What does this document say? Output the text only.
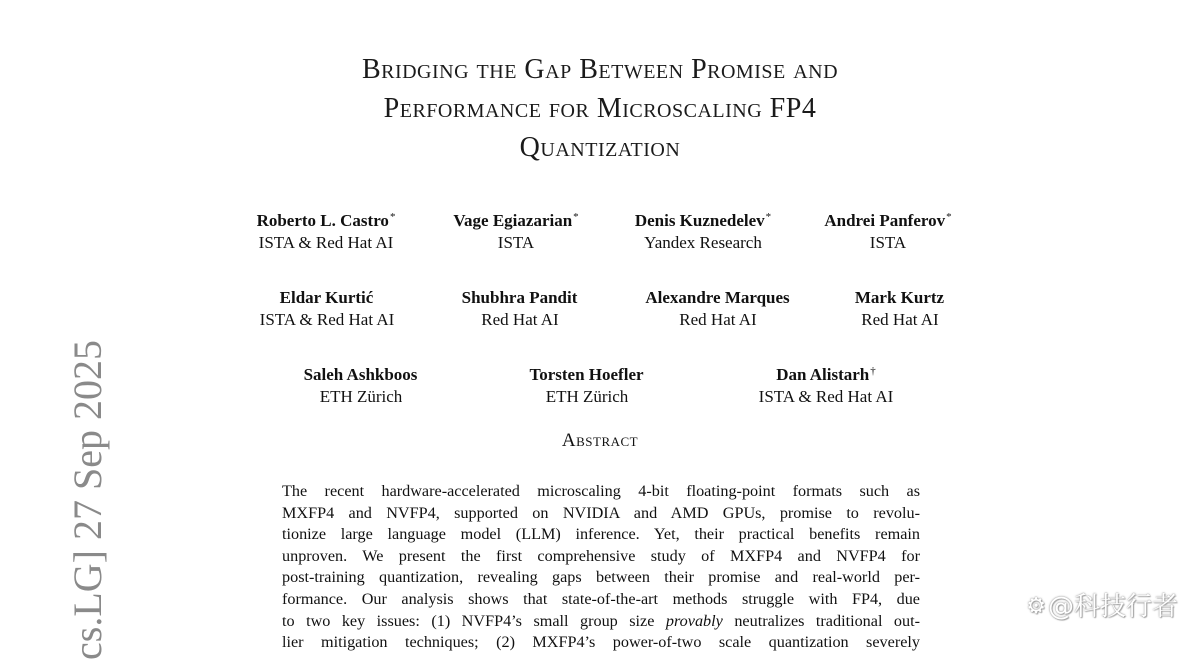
Bridging the Gap Between Promise and
Performance for Microscaling FP4
Quantization
Roberto L. Castro*
ISTA & Red Hat AI
Vage Egiazarian*
ISTA
Denis Kuznedelev*
Yandex Research
Andrei Panferov*
ISTA
Eldar Kurtić
ISTA & Red Hat AI
Shubhra Pandit
Red Hat AI
Alexandre Marques
Red Hat AI
Mark Kurtz
Red Hat AI
Saleh Ashkboos
ETH Zürich
Torsten Hoefler
ETH Zürich
Dan Alistarh†
ISTA & Red Hat AI
Abstract
The recent hardware-accelerated microscaling 4-bit floating-point formats such as
MXFP4 and NVFP4, supported on NVIDIA and AMD GPUs, promise to revolu-
tionize large language model (LLM) inference. Yet, their practical benefits remain
unproven. We present the first comprehensive study of MXFP4 and NVFP4 for
post-training quantization, revealing gaps between their promise and real-world per-
formance. Our analysis shows that state-of-the-art methods struggle with FP4, due
to two key issues: (1) NVFP4’s small group size provably neutralizes traditional out-
lier mitigation techniques; (2) MXFP4’s power-of-two scale quantization severely
cs.LG] 27 Sep 2025	⚙@科技行者
